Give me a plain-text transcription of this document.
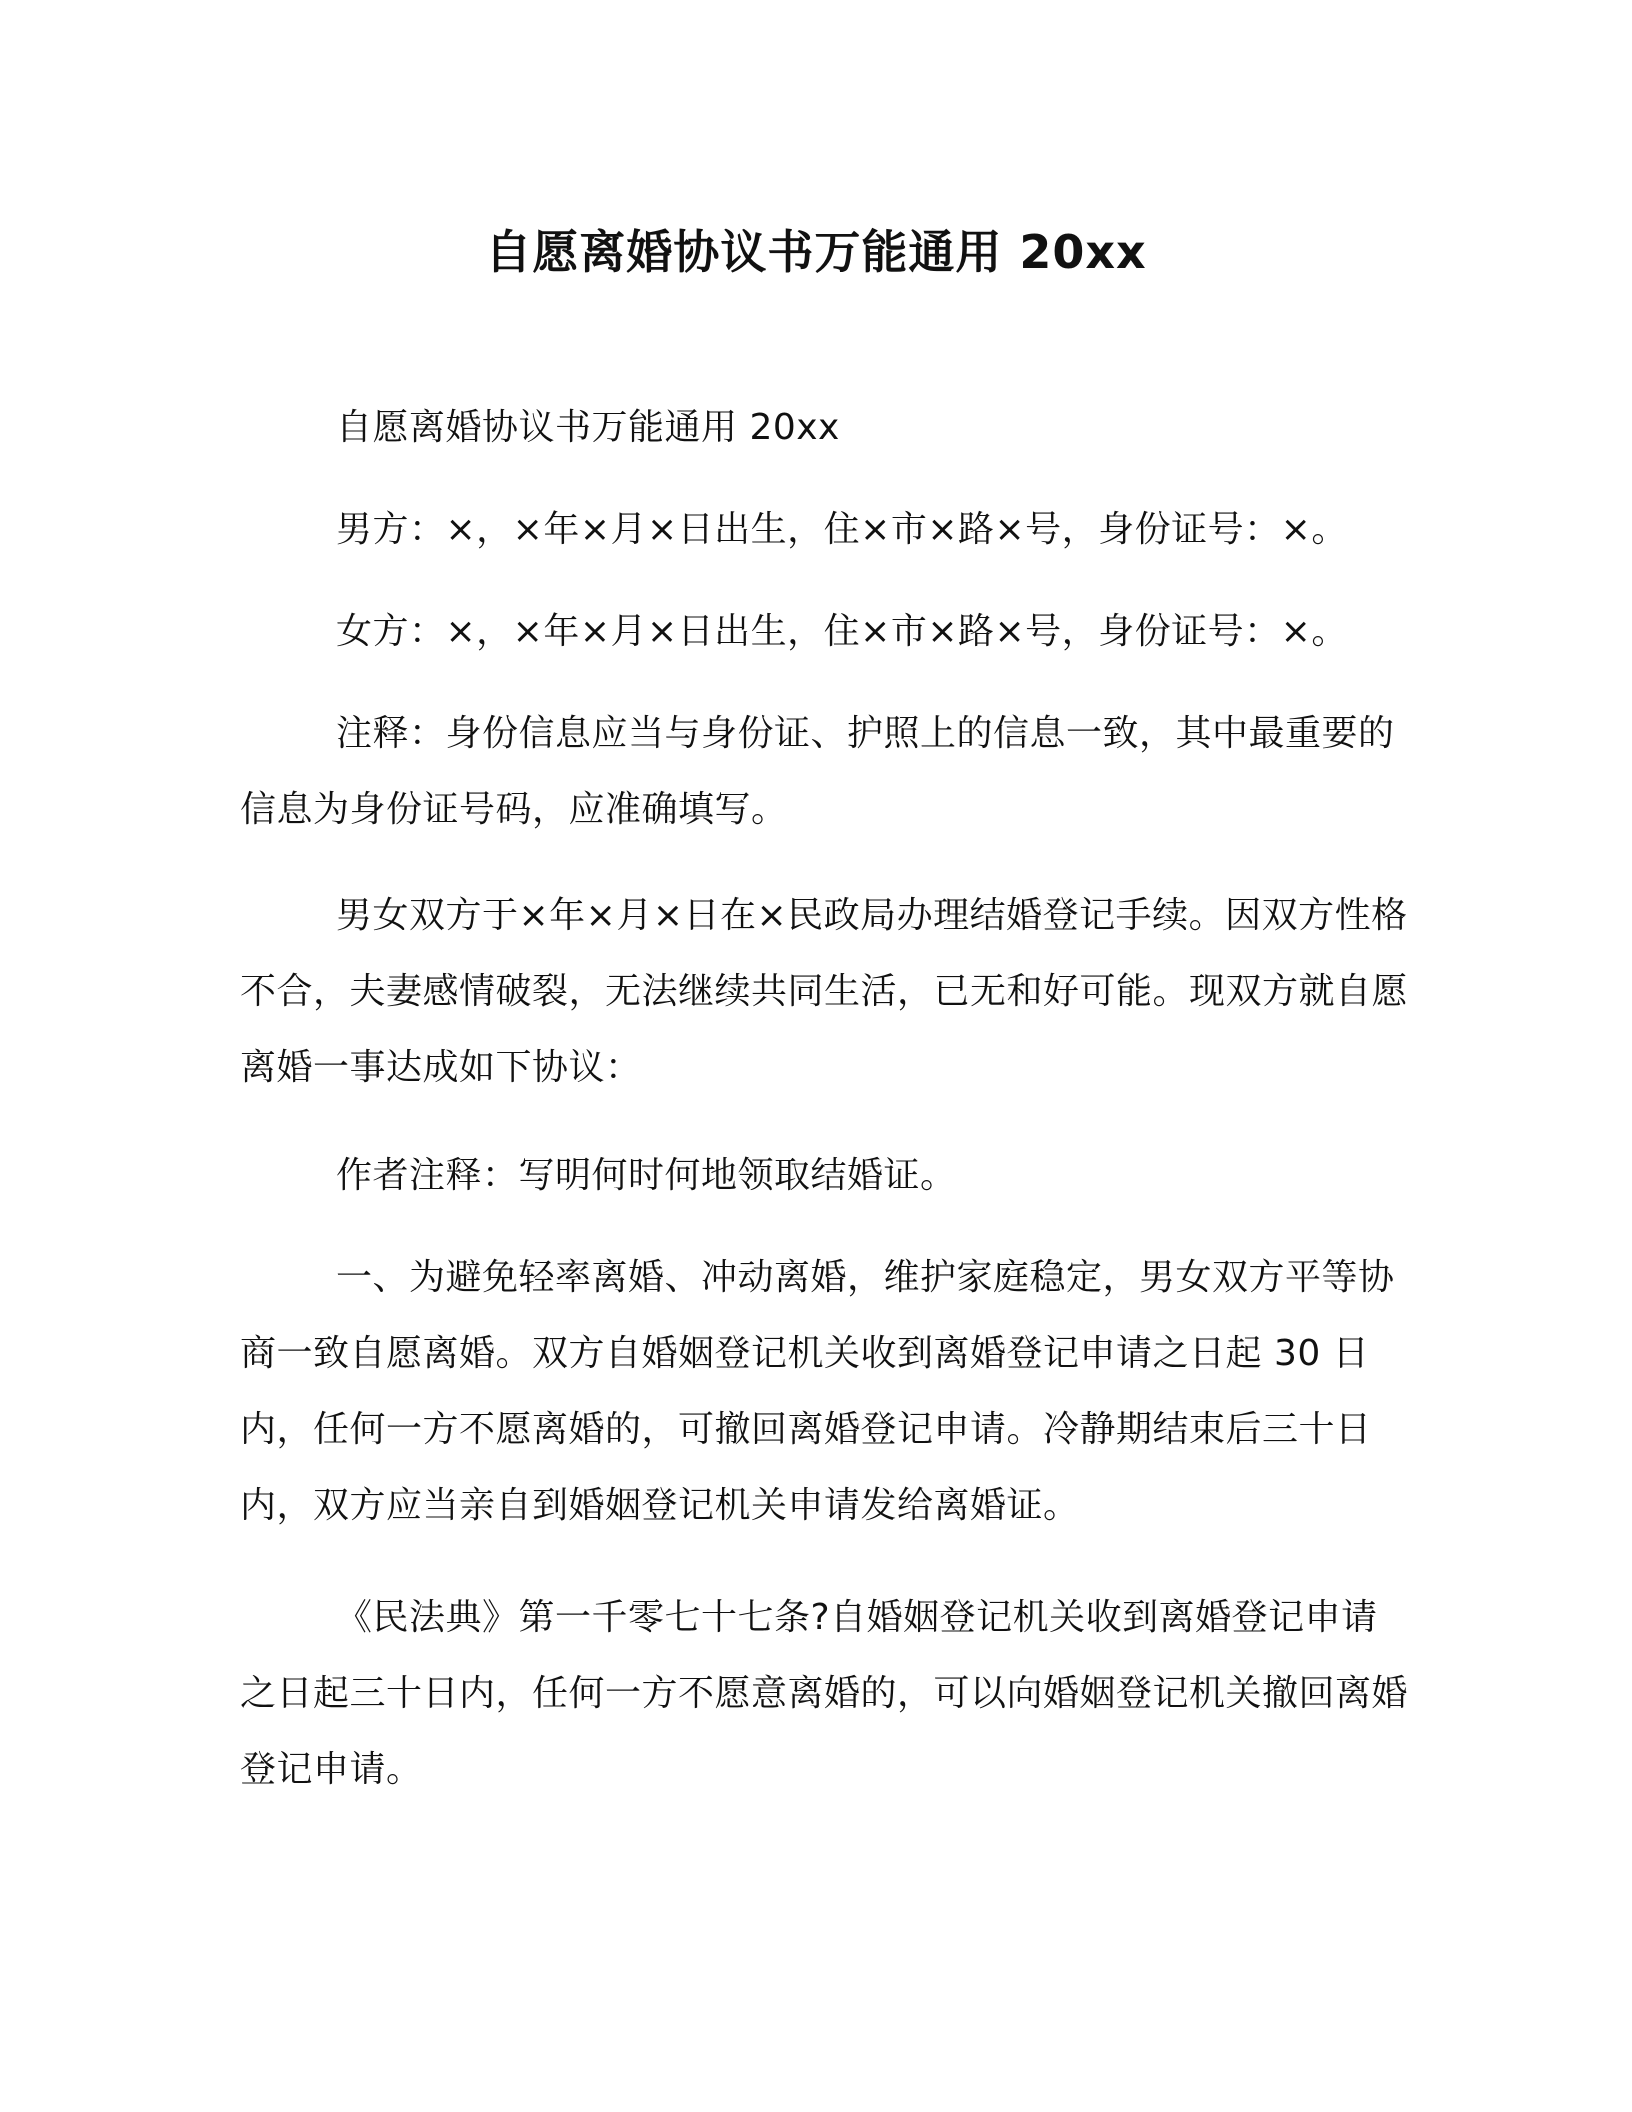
自愿离婚协议书万能通用 20xx

自愿离婚协议书万能通用 20xx

男方：×，×年×月×日出生，住×市×路×号，身份证号：×。

女方：×，×年×月×日出生，住×市×路×号，身份证号：×。

注释：身份信息应当与身份证、护照上的信息一致，其中最重要的信息为身份证号码，应准确填写。

男女双方于×年×月×日在×民政局办理结婚登记手续。因双方性格不合，夫妻感情破裂，无法继续共同生活，已无和好可能。现双方就自愿离婚一事达成如下协议：

作者注释：写明何时何地领取结婚证。

一、为避免轻率离婚、冲动离婚，维护家庭稳定，男女双方平等协商一致自愿离婚。双方自婚姻登记机关收到离婚登记申请之日起 30 日内，任何一方不愿离婚的，可撤回离婚登记申请。冷静期结束后三十日内，双方应当亲自到婚姻登记机关申请发给离婚证。

《民法典》第一千零七十七条?自婚姻登记机关收到离婚登记申请之日起三十日内，任何一方不愿意离婚的，可以向婚姻登记机关撤回离婚登记申请。
